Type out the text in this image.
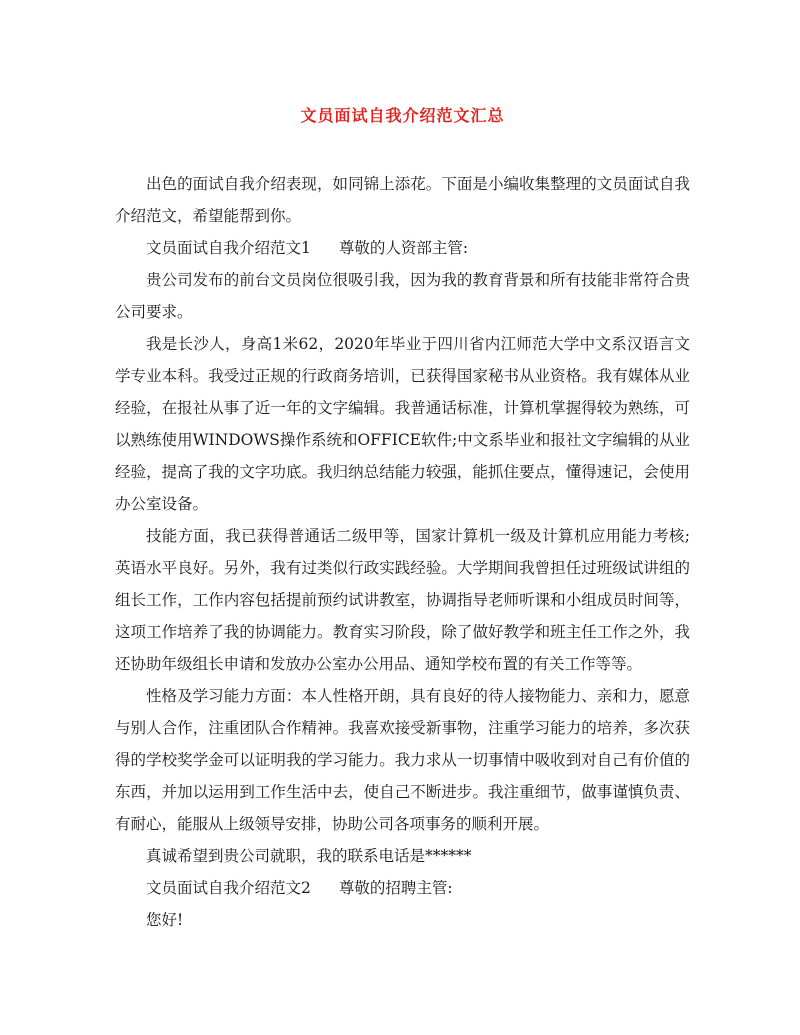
文员面试自我介绍范文汇总

出色的面试自我介绍表现，如同锦上添花。下面是小编收集整理的文员面试自我介绍范文，希望能帮到你。

文员面试自我介绍范文1 尊敬的人资部主管:

贵公司发布的前台文员岗位很吸引我，因为我的教育背景和所有技能非常符合贵公司要求。

我是长沙人，身高1米62，2020年毕业于四川省内江师范大学中文系汉语言文学专业本科。我受过正规的行政商务培训，已获得国家秘书从业资格。我有媒体从业经验，在报社从事了近一年的文字编辑。我普通话标准，计算机掌握得较为熟练，可以熟练使用WINDOWS操作系统和OFFICE软件;中文系毕业和报社文字编辑的从业经验，提高了我的文字功底。我归纳总结能力较强，能抓住要点，懂得速记，会使用办公室设备。

技能方面，我已获得普通话二级甲等，国家计算机一级及计算机应用能力考核;英语水平良好。另外，我有过类似行政实践经验。大学期间我曾担任过班级试讲组的组长工作，工作内容包括提前预约试讲教室，协调指导老师听课和小组成员时间等，这项工作培养了我的协调能力。教育实习阶段，除了做好教学和班主任工作之外，我还协助年级组长申请和发放办公室办公用品、通知学校布置的有关工作等等。

性格及学习能力方面：本人性格开朗，具有良好的待人接物能力、亲和力，愿意与别人合作，注重团队合作精神。我喜欢接受新事物，注重学习能力的培养，多次获得的学校奖学金可以证明我的学习能力。我力求从一切事情中吸收到对自己有价值的东西，并加以运用到工作生活中去，使自己不断进步。我注重细节，做事谨慎负责、有耐心，能服从上级领导安排，协助公司各项事务的顺利开展。

真诚希望到贵公司就职，我的联系电话是******

文员面试自我介绍范文2 尊敬的招聘主管:

您好!
